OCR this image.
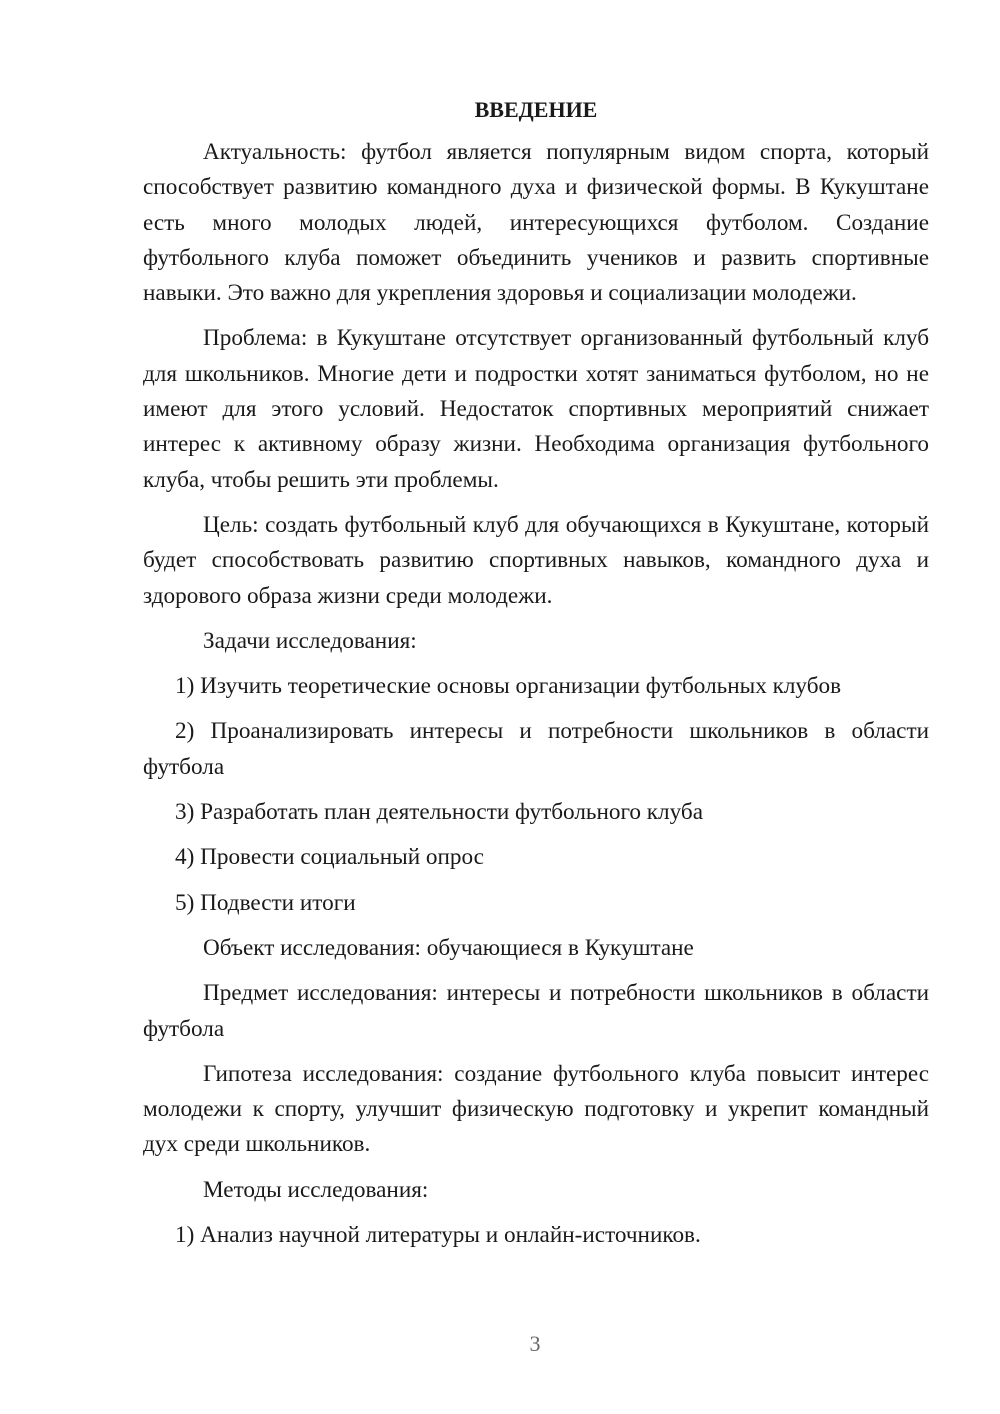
ВВЕДЕНИЕ

Актуальность: футбол является популярным видом спорта, который способствует развитию командного духа и физической формы. В Кукуштане есть много молодых людей, интересующихся футболом. Создание футбольного клуба поможет объединить учеников и развить спортивные навыки. Это важно для укрепления здоровья и социализации молодежи.

Проблема: в Кукуштане отсутствует организованный футбольный клуб для школьников. Многие дети и подростки хотят заниматься футболом, но не имеют для этого условий. Недостаток спортивных мероприятий снижает интерес к активному образу жизни. Необходима организация футбольного клуба, чтобы решить эти проблемы.

Цель: создать футбольный клуб для обучающихся в Кукуштане, который будет способствовать развитию спортивных навыков, командного духа и здорового образа жизни среди молодежи.

Задачи исследования:

1) Изучить теоретические основы организации футбольных клубов

2) Проанализировать интересы и потребности школьников в области футбола

3) Разработать план деятельности футбольного клуба

4) Провести социальный опрос

5) Подвести итоги

Объект исследования: обучающиеся в Кукуштане

Предмет исследования: интересы и потребности школьников в области футбола

Гипотеза исследования: создание футбольного клуба повысит интерес молодежи к спорту, улучшит физическую подготовку и укрепит командный дух среди школьников.

Методы исследования:

1) Анализ научной литературы и онлайн-источников.

3
